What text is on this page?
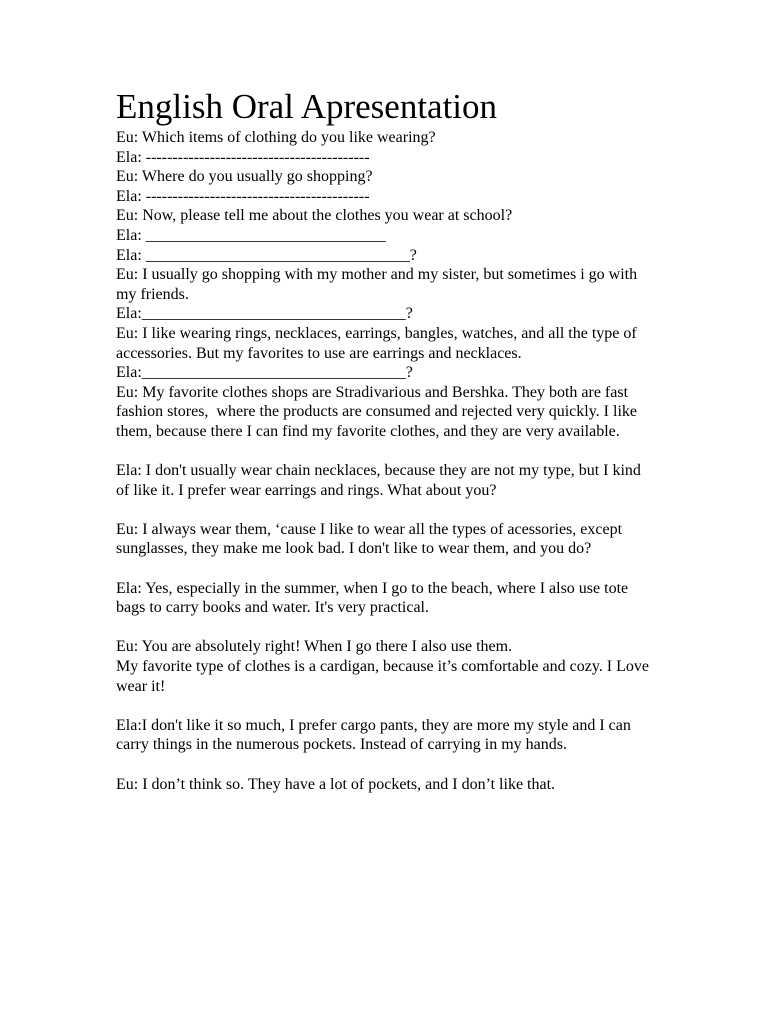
English Oral Apresentation

Eu: Which items of clothing do you like wearing?

Ela: ------------------------------------------

Eu: Where do you usually go shopping?

Ela: ------------------------------------------

Eu: Now, please tell me about the clothes you wear at school?

Ela: ______________________________

Ela: _________________________________?

Eu: I usually go shopping with my mother and my sister, but sometimes i go with my friends.

Ela:_________________________________?

Eu: I like wearing rings, necklaces, earrings, bangles, watches, and all the type of accessories. But my favorites to use are earrings and necklaces.

Ela:_________________________________?

Eu: My favorite clothes shops are Stradivarious and Bershka. They both are fast fashion stores,  where the products are consumed and rejected very quickly. I like them, because there I can find my favorite clothes, and they are very available.

Ela: I don't usually wear chain necklaces, because they are not my type, but I kind of like it. I prefer wear earrings and rings. What about you?

Eu: I always wear them, ‘cause I like to wear all the types of acessories, except sunglasses, they make me look bad. I don't like to wear them, and you do?

Ela: Yes, especially in the summer, when I go to the beach, where I also use tote bags to carry books and water. It's very practical.

Eu: You are absolutely right! When I go there I also use them.

My favorite type of clothes is a cardigan, because it’s comfortable and cozy. I Love wear it!

Ela:I don't like it so much, I prefer cargo pants, they are more my style and I can carry things in the numerous pockets. Instead of carrying in my hands.

Eu: I don’t think so. They have a lot of pockets, and I don’t like that.
